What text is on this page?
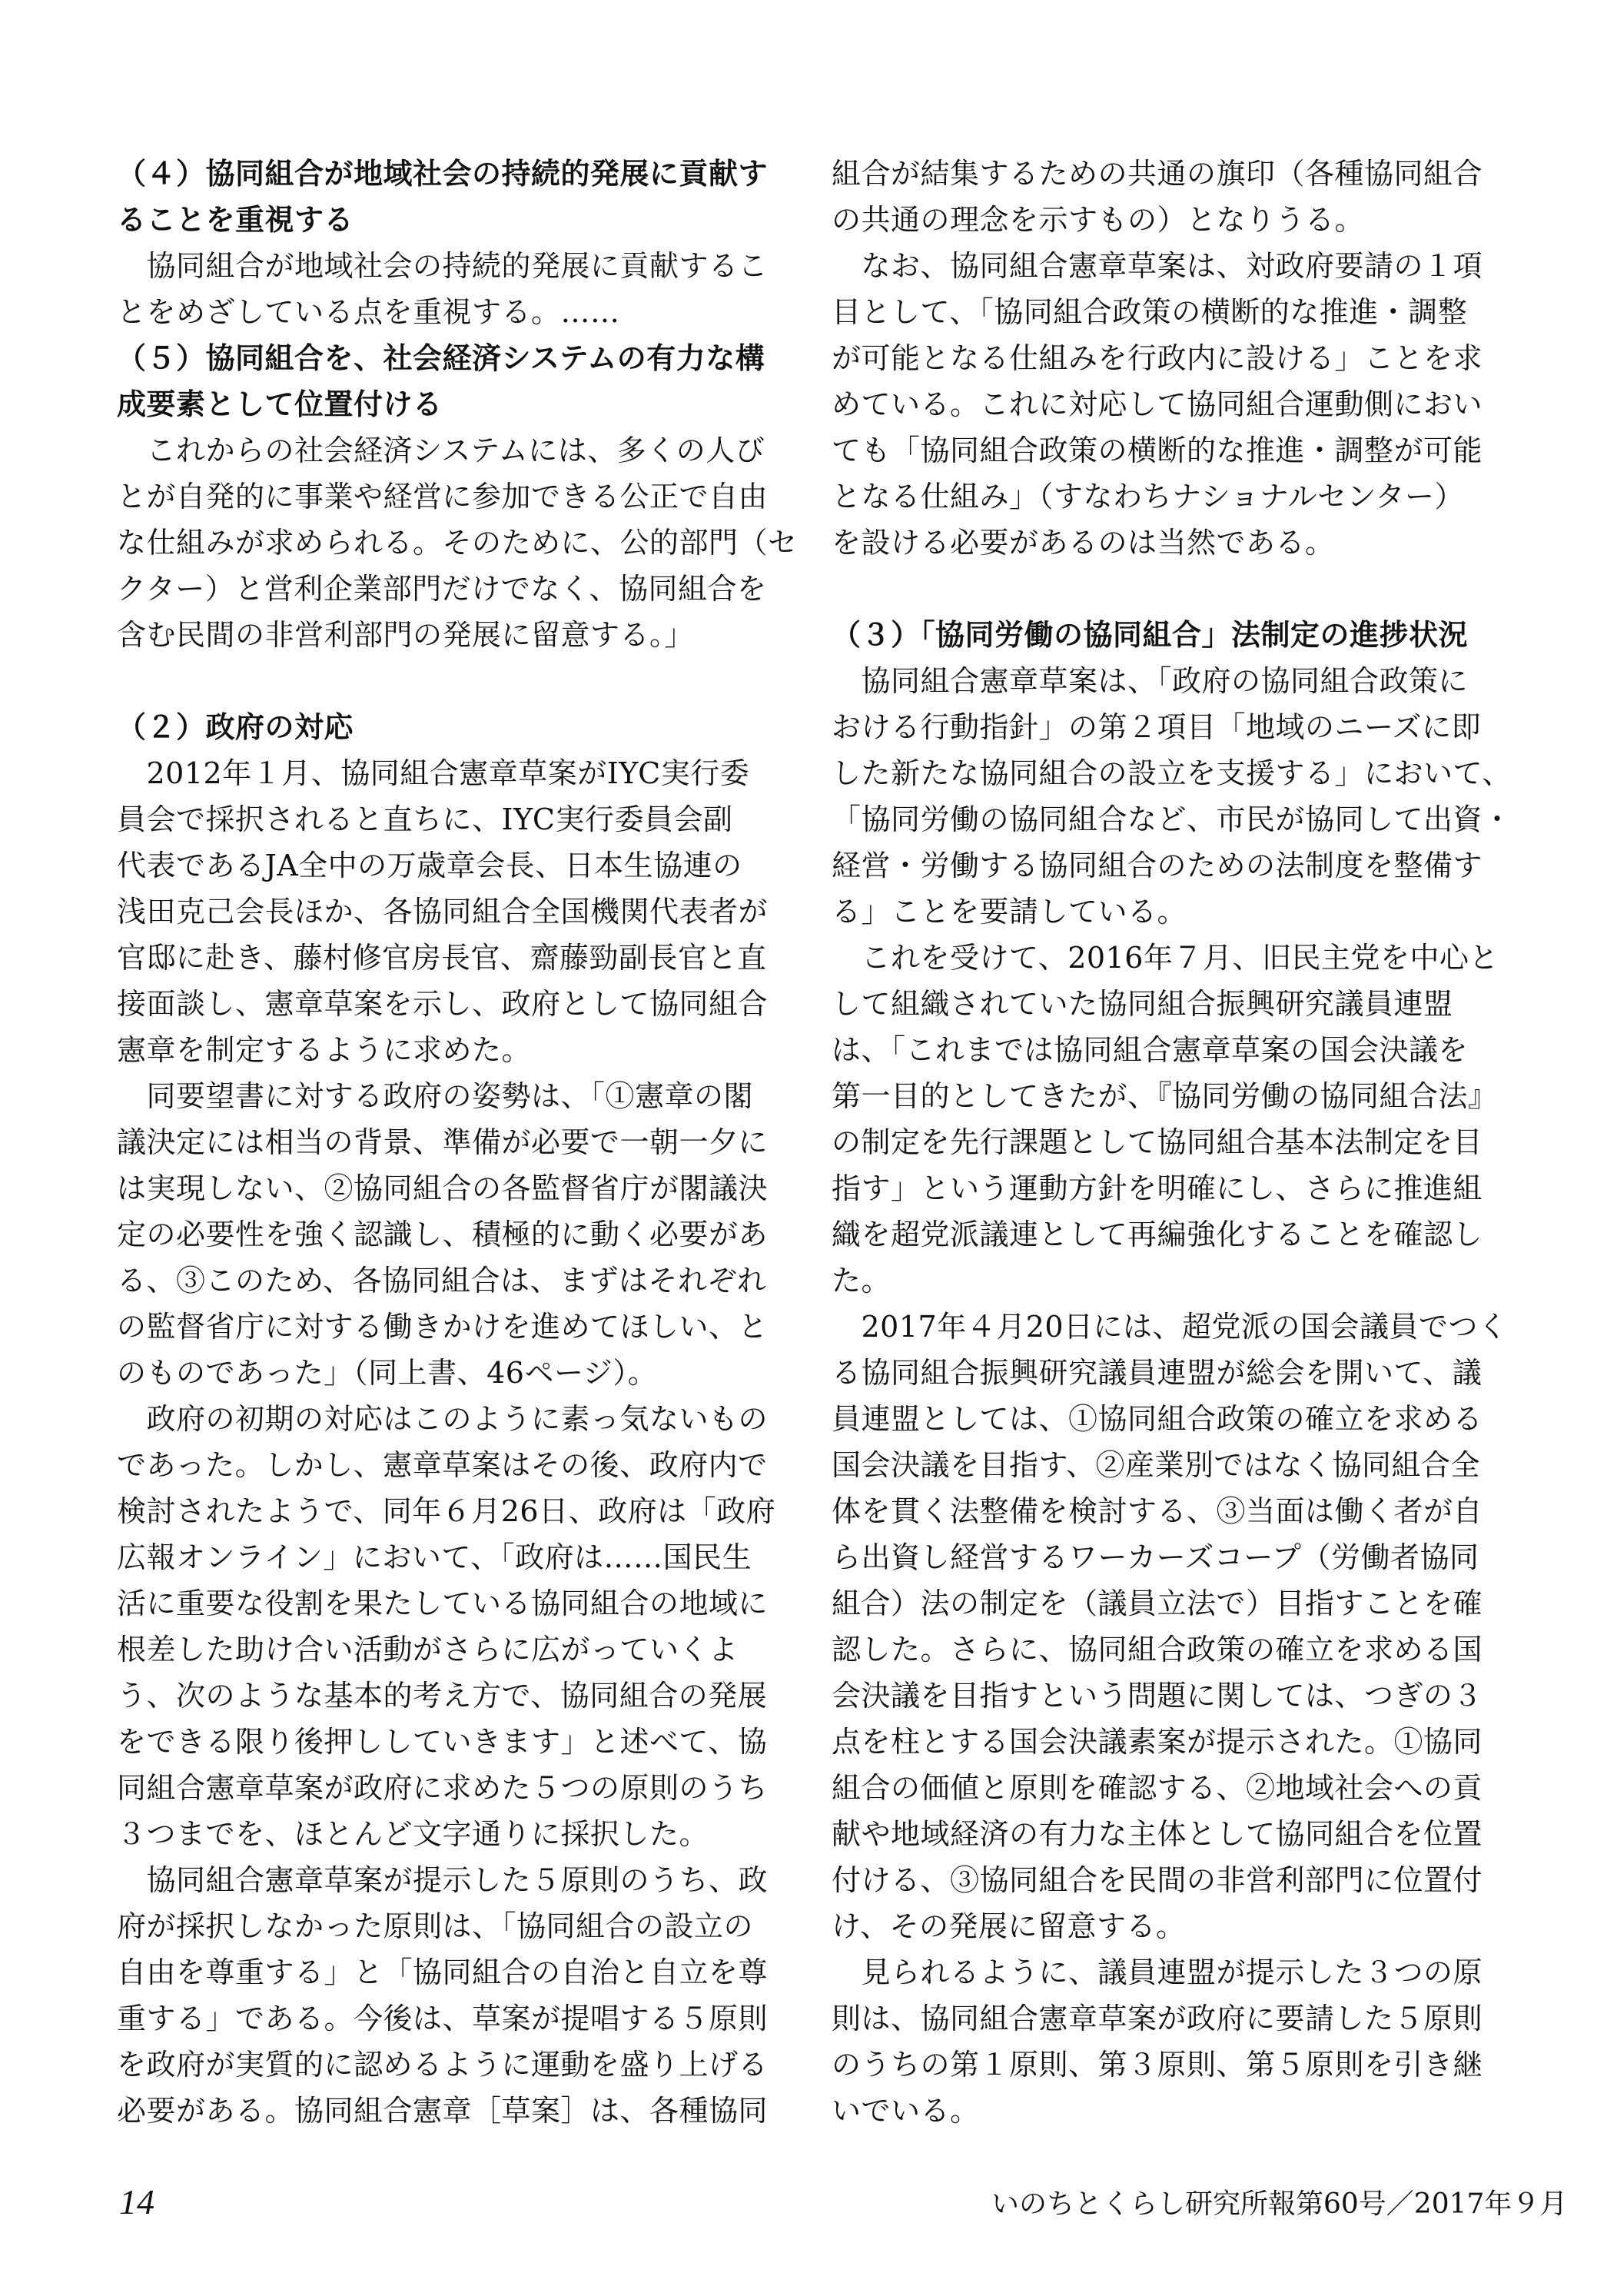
（４）協同組合が地域社会の持続的発展に貢献す
ることを重視する
　協同組合が地域社会の持続的発展に貢献するこ
とをめざしている点を重視する。……
（５）協同組合を、社会経済システムの有力な構
成要素として位置付ける
　これからの社会経済システムには、多くの人び
とが自発的に事業や経営に参加できる公正で自由
な仕組みが求められる。そのために、公的部門（セ
クター）と営利企業部門だけでなく、協同組合を
含む民間の非営利部門の発展に留意する。」
（２）政府の対応
　2012年１月、協同組合憲章草案がIYC実行委
員会で採択されると直ちに、IYC実行委員会副
代表であるJA全中の万歳章会長、日本生協連の
浅田克己会長ほか、各協同組合全国機関代表者が
官邸に赴き、藤村修官房長官、齋藤勁副長官と直
接面談し、憲章草案を示し、政府として協同組合
憲章を制定するように求めた。
　同要望書に対する政府の姿勢は、「①憲章の閣
議決定には相当の背景、準備が必要で一朝一夕に
は実現しない、②協同組合の各監督省庁が閣議決
定の必要性を強く認識し、積極的に動く必要があ
る、③このため、各協同組合は、まずはそれぞれ
の監督省庁に対する働きかけを進めてほしい、と
のものであった」（同上書、46ページ）。
　政府の初期の対応はこのように素っ気ないもの
であった。しかし、憲章草案はその後、政府内で
検討されたようで、同年６月26日、政府は「政府
広報オンライン」において、「政府は……国民生
活に重要な役割を果たしている協同組合の地域に
根差した助け合い活動がさらに広がっていくよ
う、次のような基本的考え方で、協同組合の発展
をできる限り後押ししていきます」と述べて、協
同組合憲章草案が政府に求めた５つの原則のうち
３つまでを、ほとんど文字通りに採択した。
　協同組合憲章草案が提示した５原則のうち、政
府が採択しなかった原則は、「協同組合の設立の
自由を尊重する」と「協同組合の自治と自立を尊
重する」である。今後は、草案が提唱する５原則
を政府が実質的に認めるように運動を盛り上げる
必要がある。協同組合憲章［草案］は、各種協同
組合が結集するための共通の旗印（各種協同組合
の共通の理念を示すもの）となりうる。
　なお、協同組合憲章草案は、対政府要請の１項
目として、「協同組合政策の横断的な推進・調整
が可能となる仕組みを行政内に設ける」ことを求
めている。これに対応して協同組合運動側におい
ても「協同組合政策の横断的な推進・調整が可能
となる仕組み」（すなわちナショナルセンター）
を設ける必要があるのは当然である。
（３）「協同労働の協同組合」法制定の進捗状況
　協同組合憲章草案は、「政府の協同組合政策に
おける行動指針」の第２項目「地域のニーズに即
した新たな協同組合の設立を支援する」において、
「協同労働の協同組合など、市民が協同して出資・
経営・労働する協同組合のための法制度を整備す
る」ことを要請している。
　これを受けて、2016年７月、旧民主党を中心と
して組織されていた協同組合振興研究議員連盟
は、「これまでは協同組合憲章草案の国会決議を
第一目的としてきたが、『協同労働の協同組合法』
の制定を先行課題として協同組合基本法制定を目
指す」という運動方針を明確にし、さらに推進組
織を超党派議連として再編強化することを確認し
た。
　2017年４月20日には、超党派の国会議員でつく
る協同組合振興研究議員連盟が総会を開いて、議
員連盟としては、①協同組合政策の確立を求める
国会決議を目指す、②産業別ではなく協同組合全
体を貫く法整備を検討する、③当面は働く者が自
ら出資し経営するワーカーズコープ（労働者協同
組合）法の制定を（議員立法で）目指すことを確
認した。さらに、協同組合政策の確立を求める国
会決議を目指すという問題に関しては、つぎの３
点を柱とする国会決議素案が提示された。①協同
組合の価値と原則を確認する、②地域社会への貢
献や地域経済の有力な主体として協同組合を位置
付ける、③協同組合を民間の非営利部門に位置付
け、その発展に留意する。
　見られるように、議員連盟が提示した３つの原
則は、協同組合憲章草案が政府に要請した５原則
のうちの第１原則、第３原則、第５原則を引き継
いでいる。
14	いのちとくらし研究所報第60号／2017年９月
